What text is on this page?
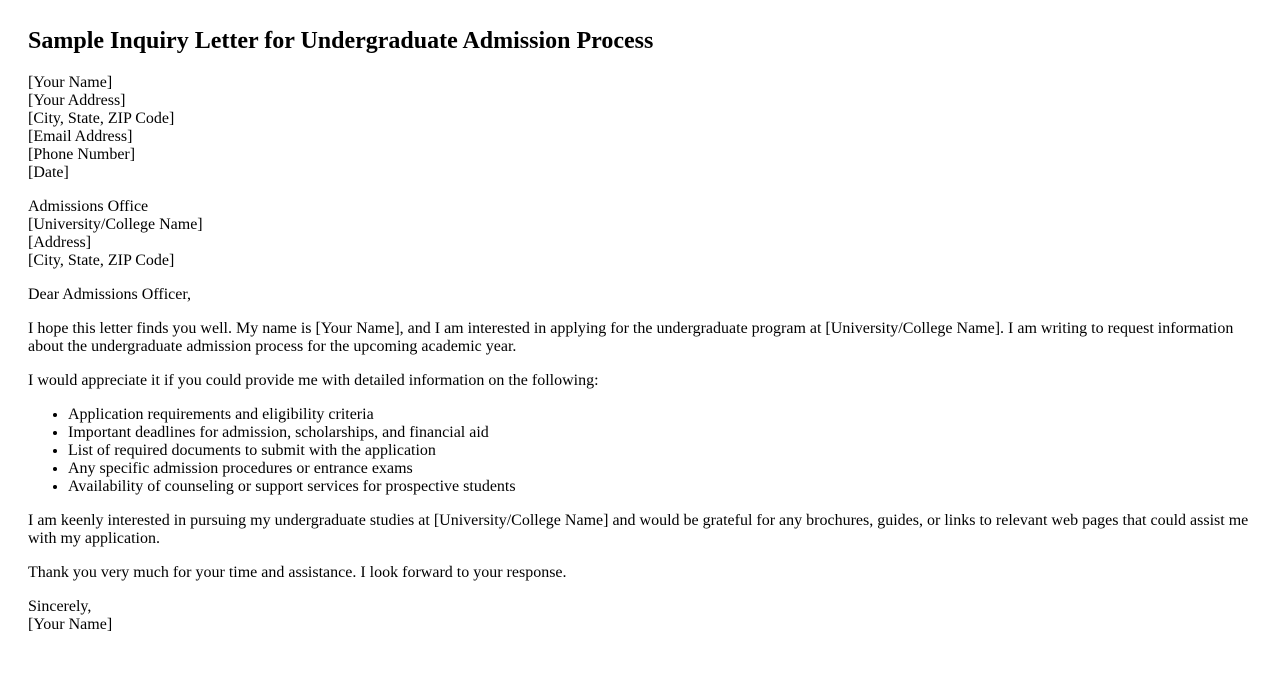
Sample Inquiry Letter for Undergraduate Admission Process
[Your Name]
[Your Address]
[City, State, ZIP Code]
[Email Address]
[Phone Number]
[Date]
Admissions Office
[University/College Name]
[Address]
[City, State, ZIP Code]

Dear Admissions Officer,

I hope this letter finds you well. My name is [Your Name], and I am interested in applying for the undergraduate program at [University/College Name]. I am writing to request information about the undergraduate admission process for the upcoming academic year.

I would appreciate it if you could provide me with detailed information on the following:

• Application requirements and eligibility criteria
• Important deadlines for admission, scholarships, and financial aid
• List of required documents to submit with the application
• Any specific admission procedures or entrance exams
• Availability of counseling or support services for prospective students

I am keenly interested in pursuing my undergraduate studies at [University/College Name] and would be grateful for any brochures, guides, or links to relevant web pages that could assist me with my application.

Thank you very much for your time and assistance. I look forward to your response.

Sincerely,
[Your Name]
